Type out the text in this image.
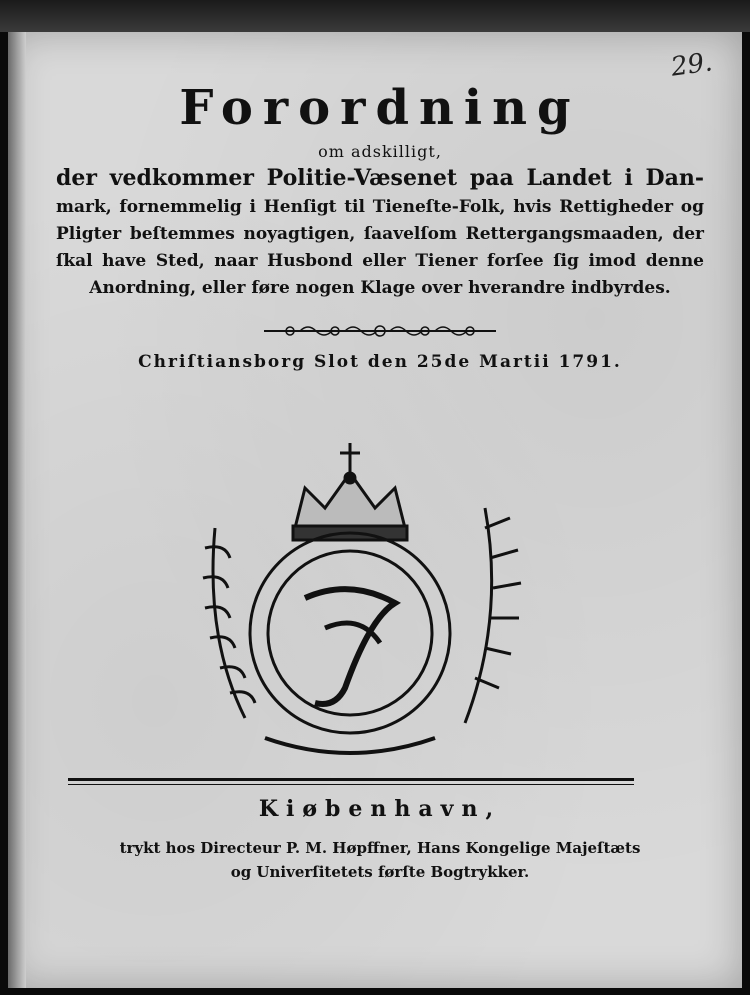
29.
Forordning

om adskilligt,

der vedkommer Politie-Væsenet paa Landet i Dan- mark, fornemmelig i Henſigt til Tieneſte-Folk, hvis Rettigheder og Pligter beſtemmes noyagtigen, ſaavelſom Rettergangsmaaden, der ſkal have Sted, naar Husbond eller Tiener forſee ſig imod denne Anordning, eller føre nogen Klage over hverandre indbyrdes.

Chriſtiansborg Slot den 25de Martii 1791.

Kiøbenhavn,
trykt hos Directeur P. M. Høpffner, Hans Kongelige Majeſtæts
og Univerſitetets førſte Bogtrykker.
